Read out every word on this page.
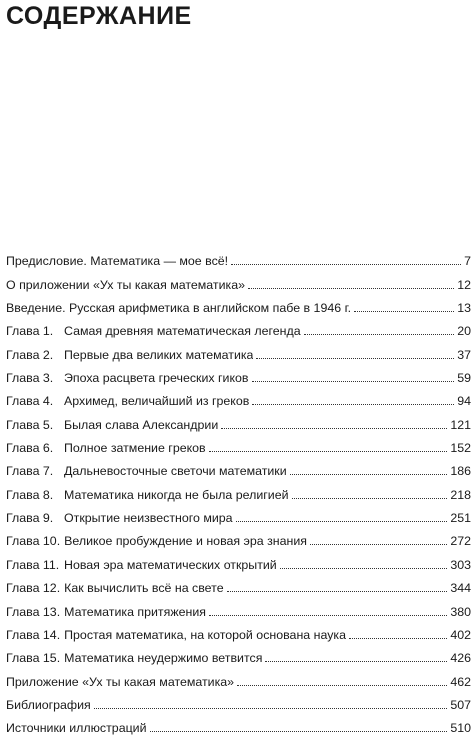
СОДЕРЖАНИЕ
Предисловие. Математика — мое всё!	7
О приложении «Ух ты какая математика»	12
Введение. Русская арифметика в английском пабе в 1946 г.	13
Глава 1. Самая древняя математическая легенда	20
Глава 2. Первые два великих математика	37
Глава 3. Эпоха расцвета греческих гиков	59
Глава 4. Архимед, величайший из греков	94
Глава 5. Былая слава Александрии	121
Глава 6. Полное затмение греков	152
Глава 7. Дальневосточные светочи математики	186
Глава 8. Математика никогда не была религией	218
Глава 9. Открытие неизвестного мира	251
Глава 10. Великое пробуждение и новая эра знания	272
Глава 11. Новая эра математических открытий	303
Глава 12. Как вычислить всё на свете	344
Глава 13. Математика притяжения	380
Глава 14. Простая математика, на которой основана наука	402
Глава 15. Математика неудержимо ветвится	426
Приложение «Ух ты какая математика»	462
Библиография	507
Источники иллюстраций	510
